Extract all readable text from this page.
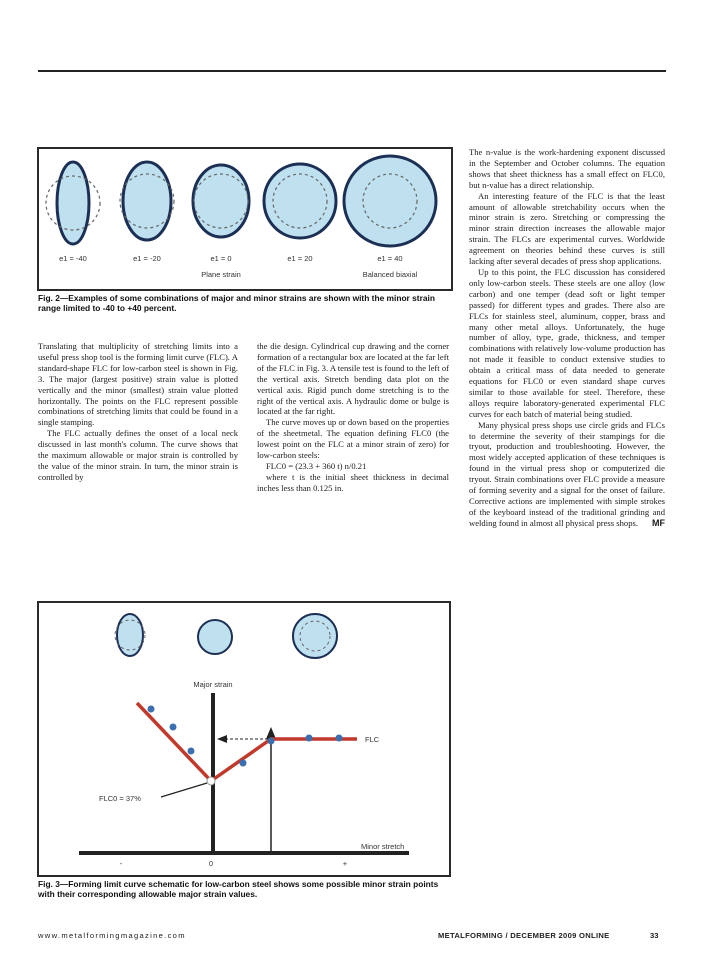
e1 = -40	e1 = -20	e1 = 0	e1 = 20	e1 = 40
Plane strain	Balanced biaxial
Fig. 2—Examples of some combinations of major and minor strains are shown with the minor strain range limited to -40 to +40 percent.
Major strain
FLC0 = 37%
FLC
-	0	+
Minor stretch
Fig. 3—Forming limit curve schematic for low-carbon steel shows some possible minor strain points with their corresponding allowable major strain values.

Translating that multiplicity of stretching limits into a useful press shop tool is the forming limit curve (FLC). A standard-shape FLC for low-carbon steel is shown in Fig. 3. The major (largest positive) strain value is plotted vertically and the minor (smallest) strain value plotted horizontally. The points on the FLC represent possible combinations of stretching limits that could be found in a single stamping.

The FLC actually defines the onset of a local neck discussed in last month's column. The curve shows that the maximum allowable or major strain is controlled by the value of the minor strain. In turn, the minor strain is controlled by

the die design. Cylindrical cup drawing and the corner formation of a rectangular box are located at the far left of the FLC in Fig. 3. A tensile test is found to the left of the vertical axis. Stretch bending data plot on the vertical axis. Rigid punch dome stretching is to the right of the vertical axis. A hydraulic dome or bulge is located at the far right.

The curve moves up or down based on the properties of the sheetmetal. The equation defining FLC0 (the lowest point on the FLC at a minor strain of zero) for low-carbon steels:

FLC0 = (23.3 + 360 t) n/0.21

where t is the initial sheet thickness in decimal inches less than 0.125 in.

The n-value is the work-hardening exponent discussed in the September and October columns. The equation shows that sheet thickness has a small effect on FLC0, but n-value has a direct relationship.

An interesting feature of the FLC is that the least amount of allowable stretchability occurs when the minor strain is zero. Stretching or compressing the minor strain direction increases the allowable major strain. The FLCs are experimental curves. Worldwide agreement on theories behind these curves is still lacking after several decades of press shop applications.

Up to this point, the FLC discussion has considered only low-carbon steels. These steels are one alloy (low carbon) and one temper (dead soft or light temper passed) for different types and grades. There also are FLCs for stainless steel, aluminum, copper, brass and many other metal alloys. Unfortunately, the huge number of alloy, type, grade, thickness, and temper combinations with relatively low-volume production has not made it feasible to conduct extensive studies to obtain a critical mass of data needed to generate equations for FLC0 or even standard shape curves similar to those available for steel. Therefore, these alloys require laboratory-generated experimental FLC curves for each batch of material being studied.

Many physical press shops use circle grids and FLCs to determine the severity of their stampings for die tryout, production and troubleshooting. However, the most widely accepted application of these techniques is found in the virtual press shop or computerized die tryout. Strain combinations over FLC provide a measure of forming severity and a signal for the onset of failure. Corrective actions are implemented with simple strokes of the keyboard instead of the traditional grinding and welding found in almost all physical press shops.	MF

www.metalformingmagazine.com	METALFORMING / DECEMBER 2009 ONLINE	33
